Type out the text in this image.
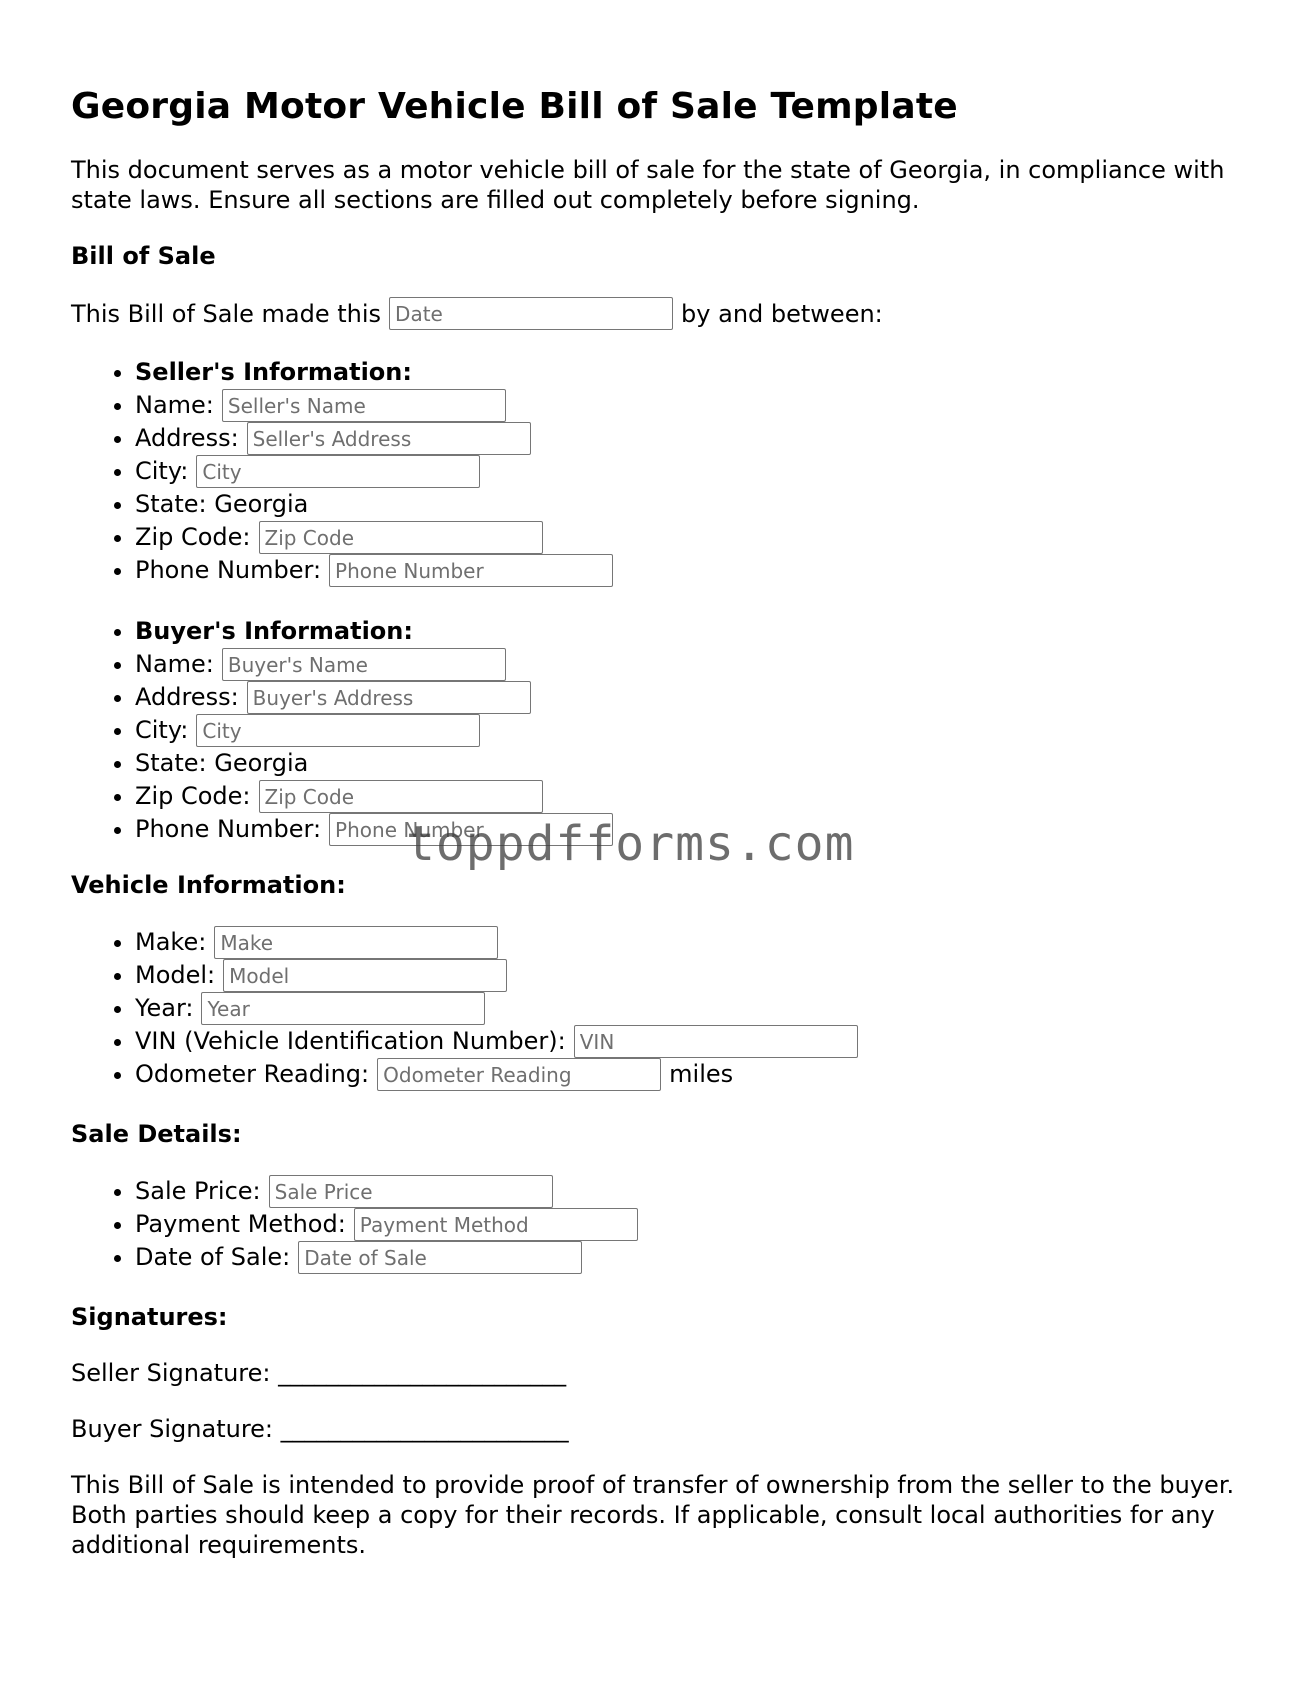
Georgia Motor Vehicle Bill of Sale Template

This document serves as a motor vehicle bill of sale for the state of Georgia, in compliance with state laws. Ensure all sections are filled out completely before signing.

Bill of Sale

This Bill of Sale made this

Date	by and between:

• Seller's Information:
• Name:
Seller's Name
• Address:
Seller's Address
• City:
City
• State: Georgia
• Zip Code:
Zip Code
• Phone Number:
Phone Number
• Buyer's Information:
• Name:
Buyer's Name
• Address:
Buyer's Address
• City:
City
• State: Georgia
• Zip Code:
Zip Code
• Phone Number:
Phone Number
Vehicle Information:
• Make:
Make
• Model:
Model
• Year:
Year
• VIN (Vehicle Identification Number):
VIN
• Odometer Reading:
Odometer Reading	miles
Sale Details:
• Sale Price:
Sale Price
• Payment Method:
Payment Method
• Date of Sale:
Date of Sale
Signatures:

Seller Signature: ________________________

Buyer Signature: ________________________

This Bill of Sale is intended to provide proof of transfer of ownership from the seller to the buyer. Both parties should keep a copy for their records. If applicable, consult local authorities for any additional requirements.

toppdfforms.com
